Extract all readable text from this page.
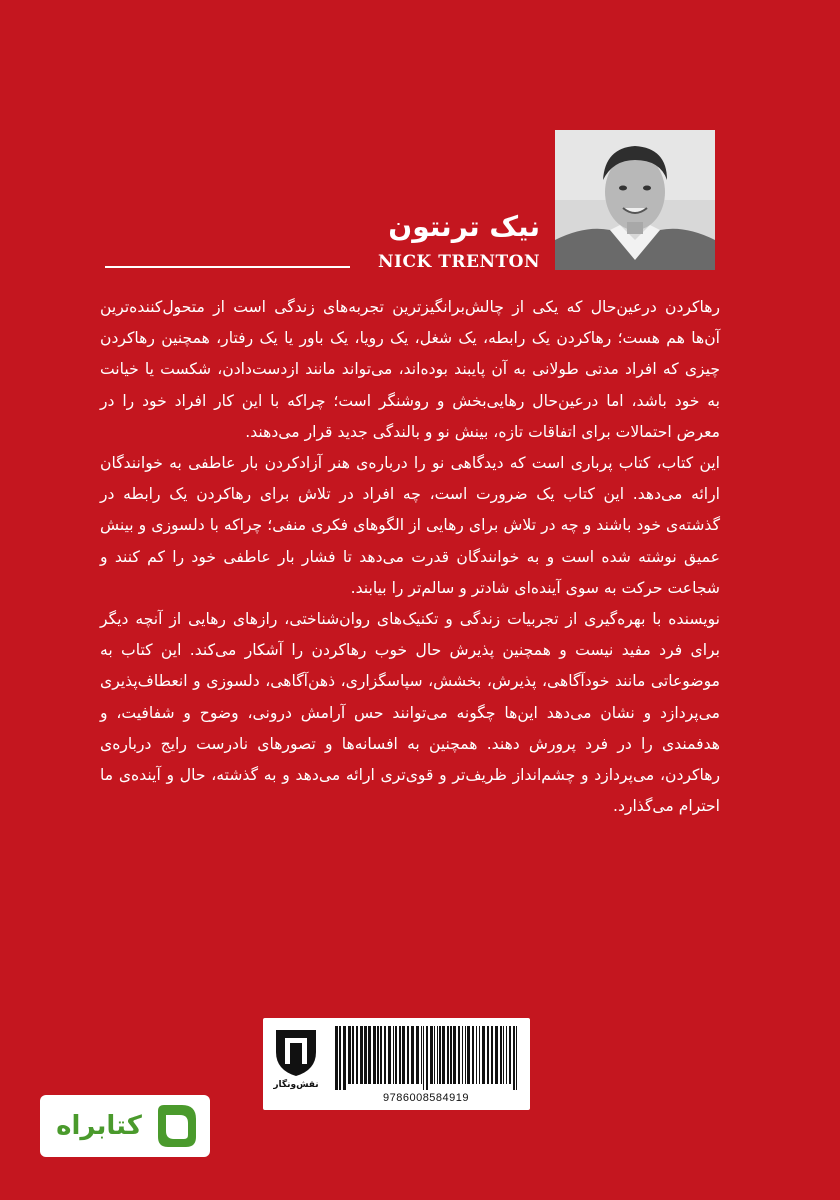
نیک ترنتون
NICK TRENTON

رهاکردن درعین‌حال که یکی از چالش‌برانگیزترین تجربه‌های زندگی است از متحول‌کننده‌ترین آن‌ها هم هست؛ رهاکردن یک رابطه، یک شغل، یک رویا، یک باور یا یک رفتار، همچنین رهاکردن چیزی که افراد مدتی طولانی به آن پایبند بوده‌اند، می‌تواند مانند ازدست‌دادن، شکست یا خیانت به خود باشد، اما درعین‌حال رهایی‌بخش و روشنگر است؛ چراکه با این کار افراد خود را در معرض احتمالات برای اتفاقات تازه، بینش نو و بالندگی جدید قرار می‌دهند.

این کتاب، کتاب پرباری است که دیدگاهی نو را درباره‌ی هنر آزادکردن بار عاطفی به خوانندگان ارائه می‌دهد. این کتاب یک ضرورت است، چه افراد در تلاش برای رهاکردن یک رابطه در گذشته‌ی خود باشند و چه در تلاش برای رهایی از الگوهای فکری منفی؛ چراکه با دلسوزی و بینش عمیق نوشته شده است و به خوانندگان قدرت می‌دهد تا فشار بار عاطفی خود را کم کنند و شجاعت حرکت به سوی آینده‌ای شادتر و سالم‌تر را بیابند.

نویسنده با بهره‌گیری از تجربیات زندگی و تکنیک‌های روان‌شناختی، رازهای رهایی از آنچه دیگر برای فرد مفید نیست و همچنین پذیرش حال خوب رهاکردن را آشکار می‌کند. این کتاب به موضوعاتی مانند خودآگاهی، پذیرش، بخشش، سپاسگزاری، ذهن‌آگاهی، دلسوزی و انعطاف‌پذیری می‌پردازد و نشان می‌دهد این‌ها چگونه می‌توانند حس آرامش درونی، وضوح و شفافیت، و هدفمندی را در فرد پرورش دهند. همچنین به افسانه‌ها و تصورهای نادرست رایج درباره‌ی رهاکردن، می‌پردازد و چشم‌انداز ظریف‌تر و قوی‌تری ارائه می‌دهد و به گذشته، حال و آینده‌ی ما احترام می‌گذارد.

نقش‌ونگار
9786008584919
کتابراه
